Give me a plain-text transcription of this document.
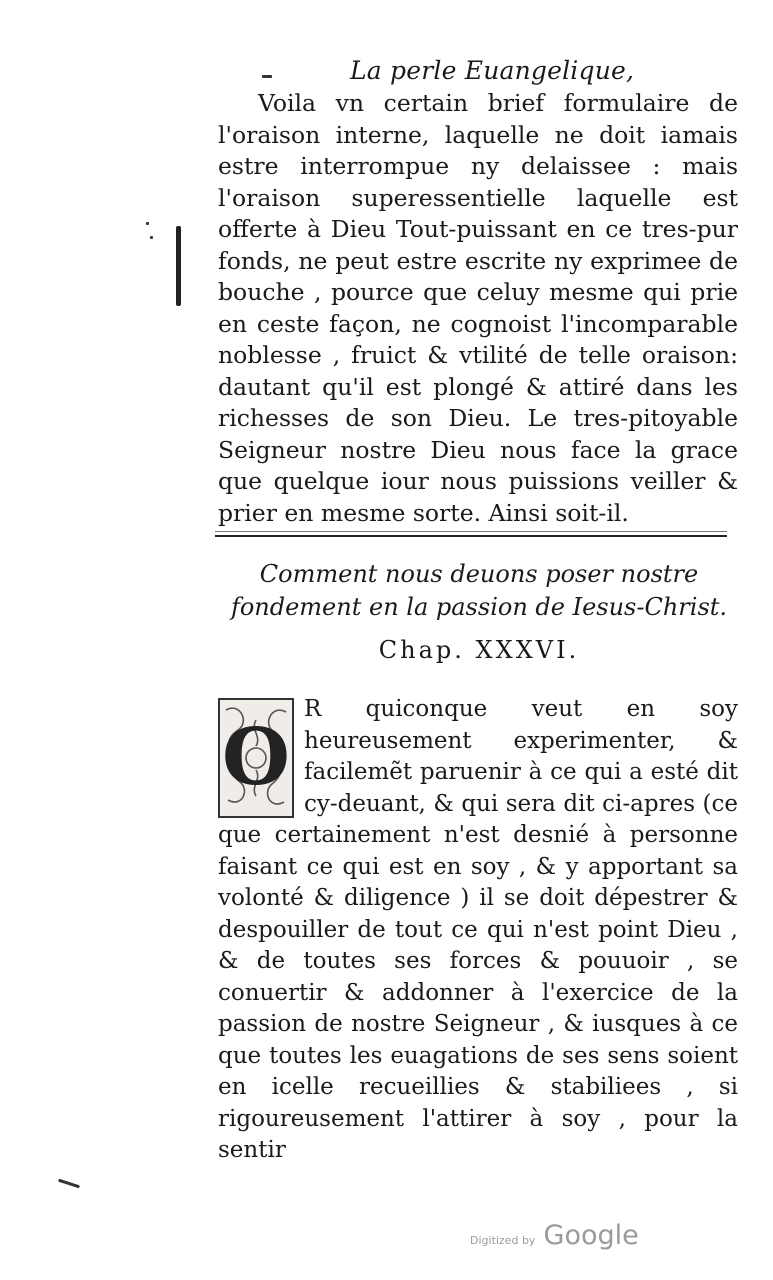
La perle Euangelique,
Voila vn certain brief formulaire de l'oraison interne, laquelle ne doit iamais estre interrompue ny delaissee : mais l'oraison superessentielle laquelle est offerte à Dieu Tout-puissant en ce tres-pur fonds, ne peut estre escrite ny exprimee de bouche , pource que celuy mesme qui prie en ceste façon, ne cognoist l'incomparable noblesse , fruict & vtilité de telle oraison: dautant qu'il est plongé & attiré dans les richesses de son Dieu. Le tres-pitoyable Seigneur nostre Dieu nous face la grace que quelque iour nous puissions veiller & prier en mesme sorte. Ainsi soit-il.
Comment nous deuons poser nostre fondement en la passion de Iesus-Christ.
Chap. XXXVI.
O
R quiconque veut en soy heureusement experimenter, & facilemẽt paruenir à ce qui a esté dit cy-deuant, & qui sera dit ci-apres (ce que certainement n'est desnié à personne faisant ce qui est en soy , & y apportant sa volonté & diligence ) il se doit dépestrer & despouiller de tout ce qui n'est point Dieu , & de toutes ses forces & pouuoir , se conuertir & addonner à l'exercice de la passion de nostre Seigneur , & iusques à ce que toutes les euagations de ses sens soient en icelle recueillies & stabiliees , si rigoureusement l'attirer à soy , pour la sentir
Digitized by Google
